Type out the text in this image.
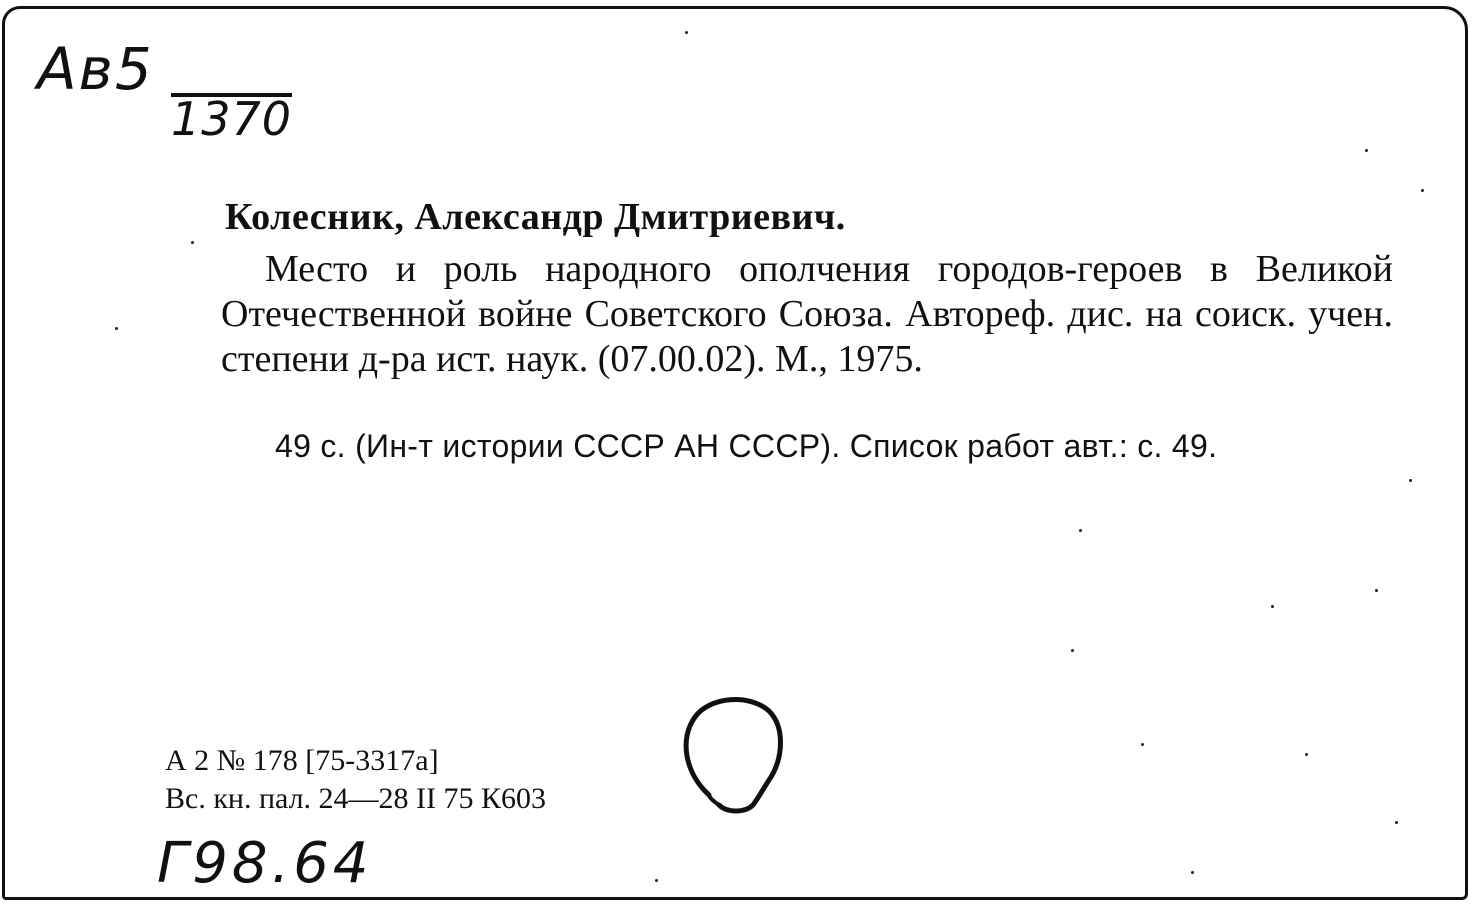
Ав5
1370
Колесник, Александр Дмитриевич.
Место и роль народного ополчения городов-героев в Великой Отечественной войне Советского Союза. Автореф. дис. на соиск. учен. степени д-ра ист. наук. (07.00.02). М., 1975.
49 с. (Ин-т истории СССР АН СССР). Список работ авт.: с. 49.
А 2 № 178 [75-3317а]
Вс. кн. пал. 24—28 II 75 К603
Г98.64
